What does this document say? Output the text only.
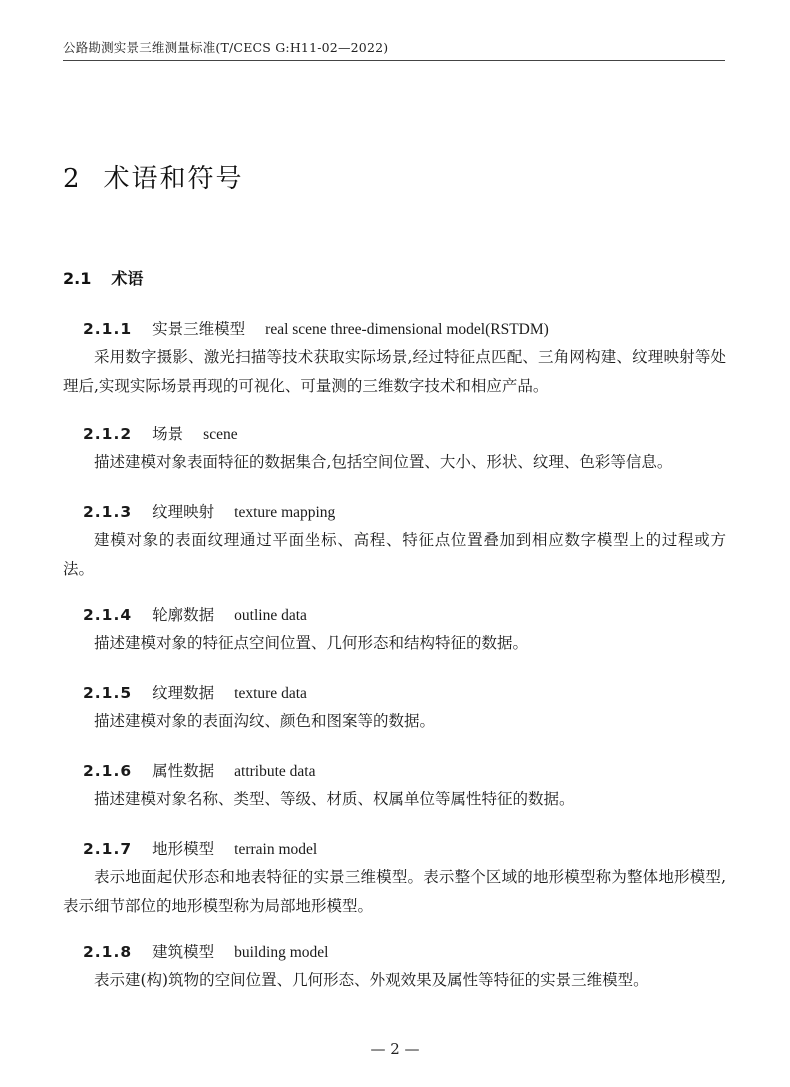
公路勘测实景三维测量标准(T/CECS G:H11-02—2022)
2 术语和符号
2.1 术语
2.1.1 实景三维模型 real scene three-dimensional model(RSTDM)

采用数字摄影、激光扫描等技术获取实际场景,经过特征点匹配、三角网构建、纹理映射等处理后,实现实际场景再现的可视化、可量测的三维数字技术和相应产品。

2.1.2 场景 scene

描述建模对象表面特征的数据集合,包括空间位置、大小、形状、纹理、色彩等信息。

2.1.3 纹理映射 texture mapping

建模对象的表面纹理通过平面坐标、高程、特征点位置叠加到相应数字模型上的过程或方法。

2.1.4 轮廓数据 outline data

描述建模对象的特征点空间位置、几何形态和结构特征的数据。

2.1.5 纹理数据 texture data

描述建模对象的表面沟纹、颜色和图案等的数据。

2.1.6 属性数据 attribute data

描述建模对象名称、类型、等级、材质、权属单位等属性特征的数据。

2.1.7 地形模型 terrain model

表示地面起伏形态和地表特征的实景三维模型。表示整个区域的地形模型称为整体地形模型,表示细节部位的地形模型称为局部地形模型。

2.1.8 建筑模型 building model

表示建(构)筑物的空间位置、几何形态、外观效果及属性等特征的实景三维模型。

— 2 —
